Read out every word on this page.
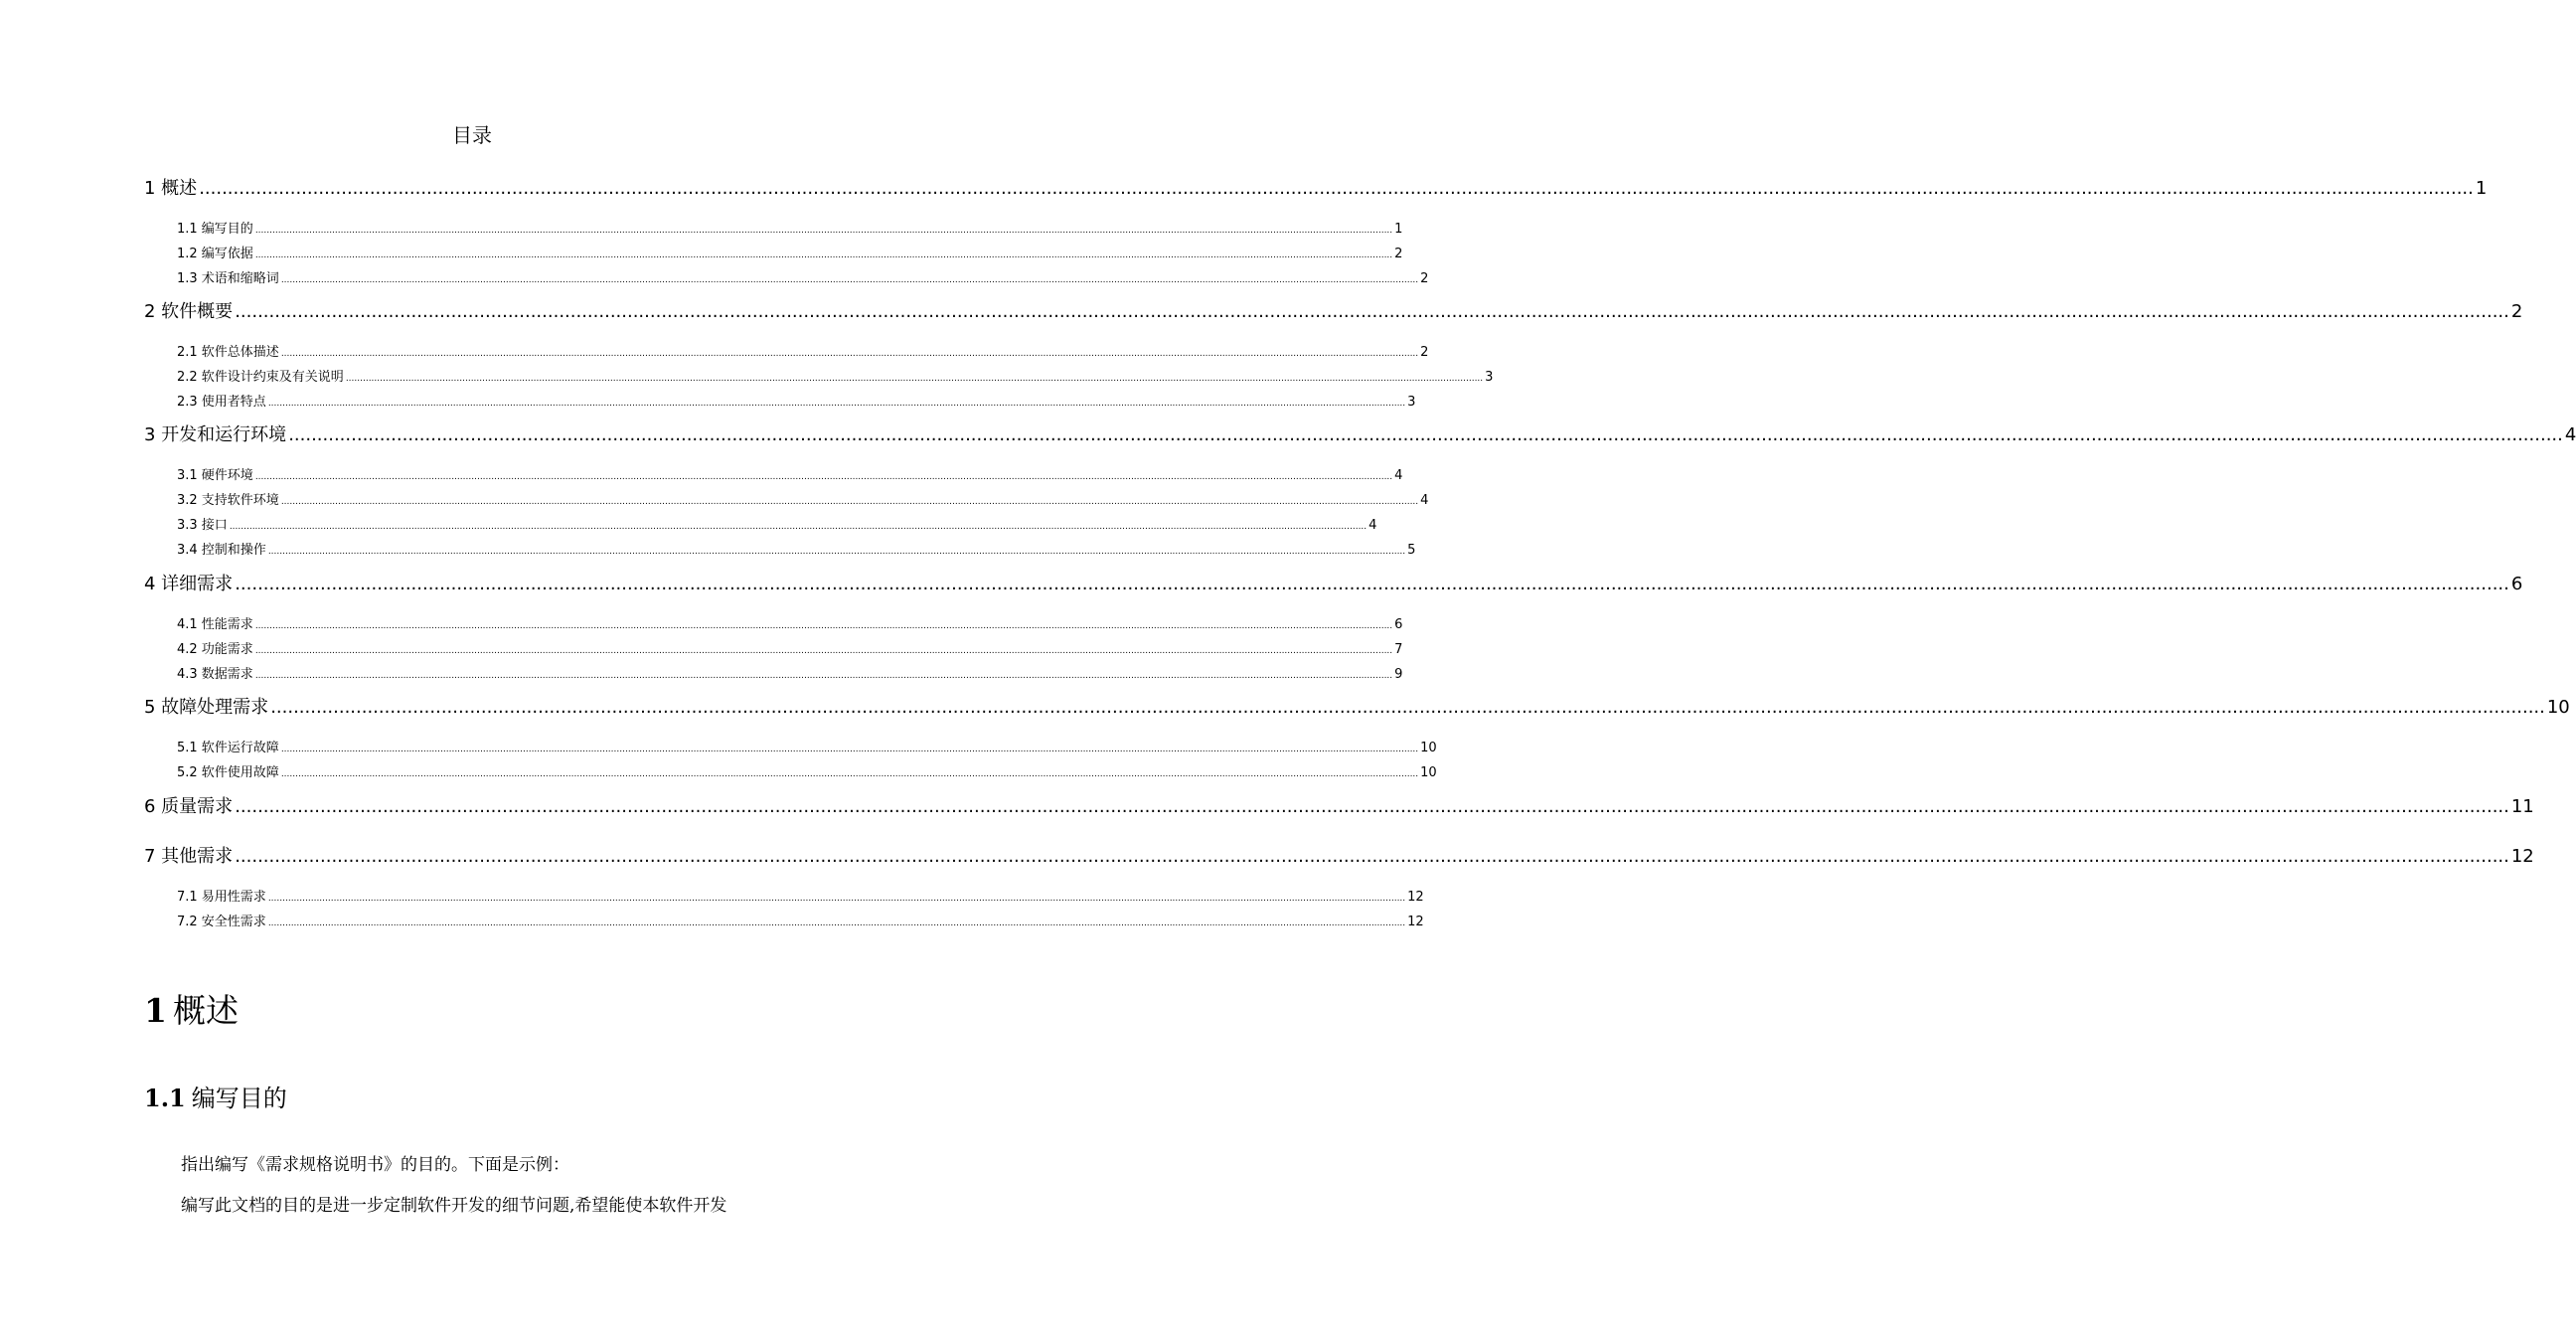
目录
1 概述 ................................................................................................................................................................................................................................................................................................................................................................................................................ 1
1.1 编写目的 ................................................................................................................................................................................................................................................................................................................................................................................................................ 1
1.2 编写依据 ................................................................................................................................................................................................................................................................................................................................................................................................................ 2
1.3 术语和缩略词 ................................................................................................................................................................................................................................................................................................................................................................................................................ 2
2 软件概要 ................................................................................................................................................................................................................................................................................................................................................................................................................ 2
2.1 软件总体描述 ................................................................................................................................................................................................................................................................................................................................................................................................................ 2
2.2 软件设计约束及有关说明 ................................................................................................................................................................................................................................................................................................................................................................................................................ 3
2.3 使用者特点 ................................................................................................................................................................................................................................................................................................................................................................................................................ 3
3 开发和运行环境 ................................................................................................................................................................................................................................................................................................................................................................................................................ 4
3.1 硬件环境 ................................................................................................................................................................................................................................................................................................................................................................................................................ 4
3.2 支持软件环境 ................................................................................................................................................................................................................................................................................................................................................................................................................ 4
3.3 接口 ................................................................................................................................................................................................................................................................................................................................................................................................................ 4
3.4 控制和操作 ................................................................................................................................................................................................................................................................................................................................................................................................................ 5
4 详细需求 ................................................................................................................................................................................................................................................................................................................................................................................................................ 6
4.1 性能需求 ................................................................................................................................................................................................................................................................................................................................................................................................................ 6
4.2 功能需求 ................................................................................................................................................................................................................................................................................................................................................................................................................ 7
4.3 数据需求 ................................................................................................................................................................................................................................................................................................................................................................................................................ 9
5 故障处理需求 ................................................................................................................................................................................................................................................................................................................................................................................................................ 10
5.1 软件运行故障 ................................................................................................................................................................................................................................................................................................................................................................................................................ 10
5.2 软件使用故障 ................................................................................................................................................................................................................................................................................................................................................................................................................ 10
6 质量需求 ................................................................................................................................................................................................................................................................................................................................................................................................................ 11
7 其他需求 ................................................................................................................................................................................................................................................................................................................................................................................................................ 12
7.1 易用性需求 ................................................................................................................................................................................................................................................................................................................................................................................................................ 12
7.2 安全性需求 ................................................................................................................................................................................................................................................................................................................................................................................................................ 12
1 概述
1.1 编写目的
指出编写《需求规格说明书》的目的。下面是示例：
编写此文档的目的是进一步定制软件开发的细节问题,希望能使本软件开发
